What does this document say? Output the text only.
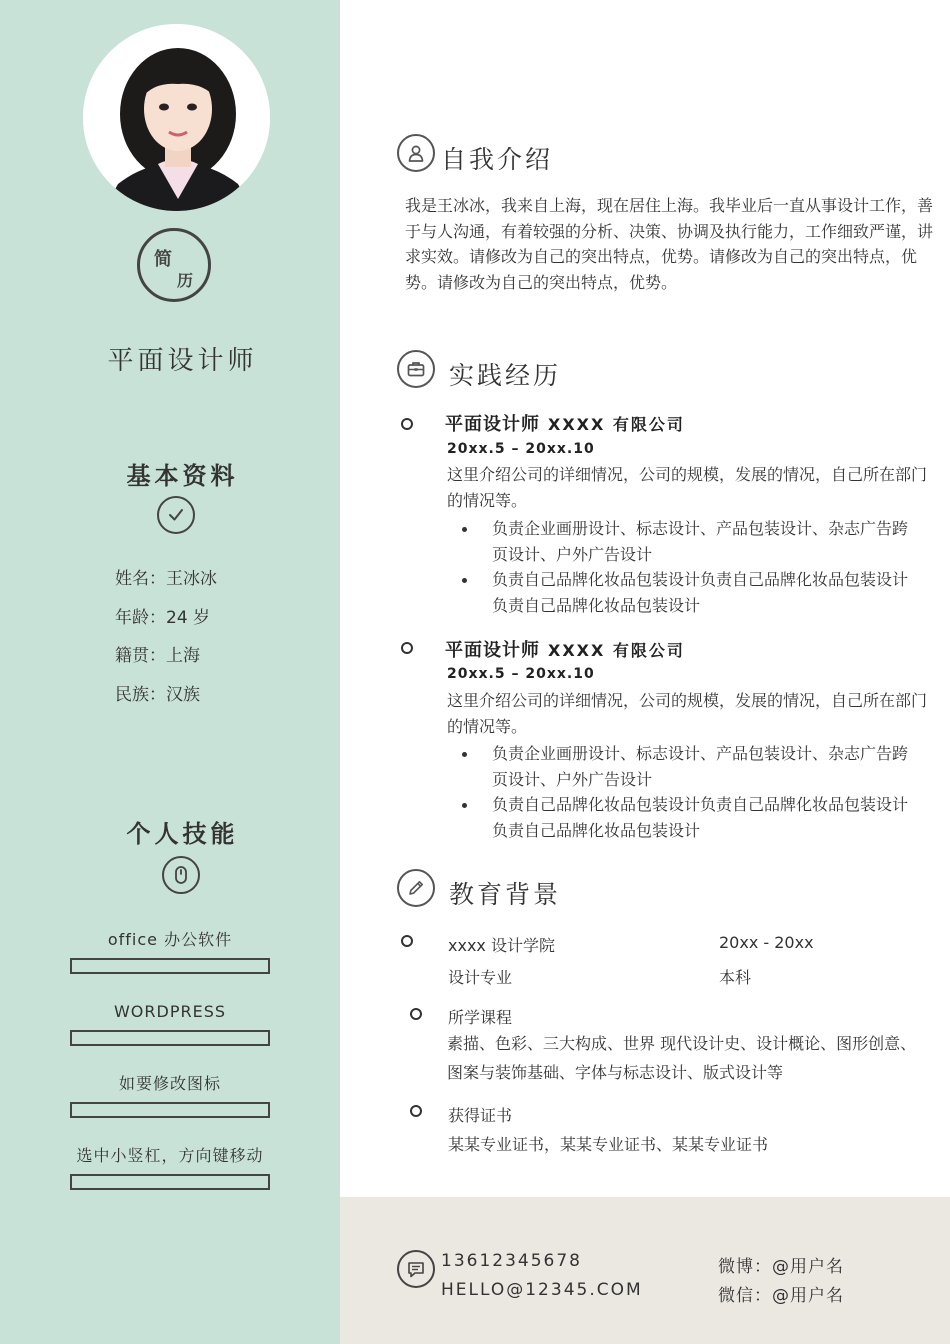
简
历
平面设计师
基本资料
姓名：王冰冰
年龄：24 岁
籍贯：上海
民族：汉族
个人技能
office 办公软件
WORDPRESS
如要修改图标
选中小竖杠，方向键移动
自我介绍
我是王冰冰，我来自上海，现在居住上海。我毕业后一直从事设计工作，善于与人沟通，有着较强的分析、决策、协调及执行能力，工作细致严谨，讲求实效。请修改为自己的突出特点，优势。请修改为自己的突出特点，优势。请修改为自己的突出特点，优势。
实践经历
平面设计师 XXXX 有限公司
20xx.5 – 20xx.10
这里介绍公司的详细情况，公司的规模，发展的情况，自己所在部门的情况等。
负责企业画册设计、标志设计、产品包装设计、杂志广告跨页设计、户外广告设计
负责自己品牌化妆品包装设计负责自己品牌化妆品包装设计负责自己品牌化妆品包装设计
平面设计师 XXXX 有限公司
20xx.5 – 20xx.10
这里介绍公司的详细情况，公司的规模，发展的情况，自己所在部门的情况等。
负责企业画册设计、标志设计、产品包装设计、杂志广告跨页设计、户外广告设计
负责自己品牌化妆品包装设计负责自己品牌化妆品包装设计负责自己品牌化妆品包装设计
教育背景
xxxx 设计学院	20xx - 20xx
设计专业	本科
所学课程
素描、色彩、三大构成、世界 现代设计史、设计概论、图形创意、图案与装饰基础、字体与标志设计、版式设计等
获得证书
某某专业证书，某某专业证书、某某专业证书
13612345678
HELLO@12345.COM
微博：@用户名
微信：@用户名
